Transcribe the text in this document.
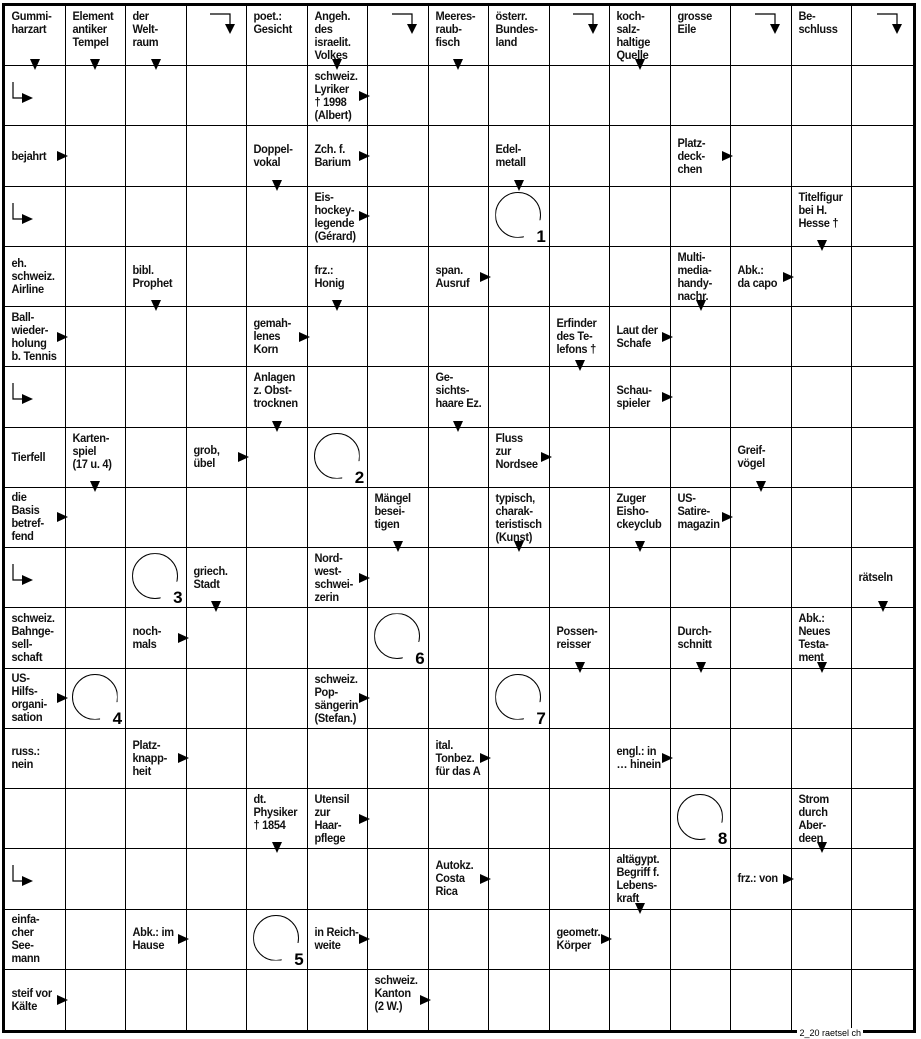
Gummi-
harzart
Element
antiker
Tempel
der
Welt-
raum
poet.:
Gesicht
Angeh.
des
israelit.
Volkes
Meeres-
raub-
fisch
österr.
Bundes-
land
koch-
salz-
haltige
Quelle
grosse
Eile
Be-
schluss
schweiz.
Lyriker
† 1998
(Albert)
bejahrt	Doppel-
vokal
Zch. f.
Barium
Edel-
metall
Platz-
deck-
chen
Eis-
hockey-
legende
(Gérard)	1
Titelfigur
bei H.
Hesse †
eh.
schweiz.
Airline
bibl.
Prophet
frz.:
Honig
span.
Ausruf
Multi-
media-
handy-
nachr.
Abk.:
da capo
Ball-
wieder-
holung
b. Tennis
gemah-
lenes
Korn
Erfinder
des Te-
lefons †
Laut der
Schafe
Anlagen
z. Obst-
trocknen
Ge-
sichts-
haare Ez.
Schau-
spieler
Tierfell
Karten-
spiel
(17 u. 4)
grob,
übel
2
Fluss
zur
Nordsee
Greif-
vögel
die
Basis
betref-
fend
Mängel
besei-
tigen
typisch,
charak-
teristisch
(Kunst)
Zuger
Eisho-
ckeyclub
US-
Satire-
magazin
3
griech.
Stadt
Nord-
west-
schwei-
zerin
rätseln
schweiz.
Bahnge-
sell-
schaft
noch-
mals
6
Possen-
reisser
Durch-
schnitt
Abk.:
Neues
Testa-
ment
US-
Hilfs-
organi-
sation	4
schweiz.
Pop-
sängerin
(Stefan.)	7
russ.:
nein
Platz-
knapp-
heit
ital.
Tonbez.
für das A
engl.: in
… hinein
dt.
Physiker
† 1854
Utensil
zur
Haar-
pflege	8
Strom
durch
Aber-
deen
Autokz.
Costa
Rica
altägypt.
Begriff f.
Lebens-
kraft
frz.: von
einfa-
cher
See-
mann
Abk.: im
Hause
5
in Reich-
weite
geometr.
Körper
steif vor
Kälte
schweiz.
Kanton
(2 W.)
2_20 raetsel ch
